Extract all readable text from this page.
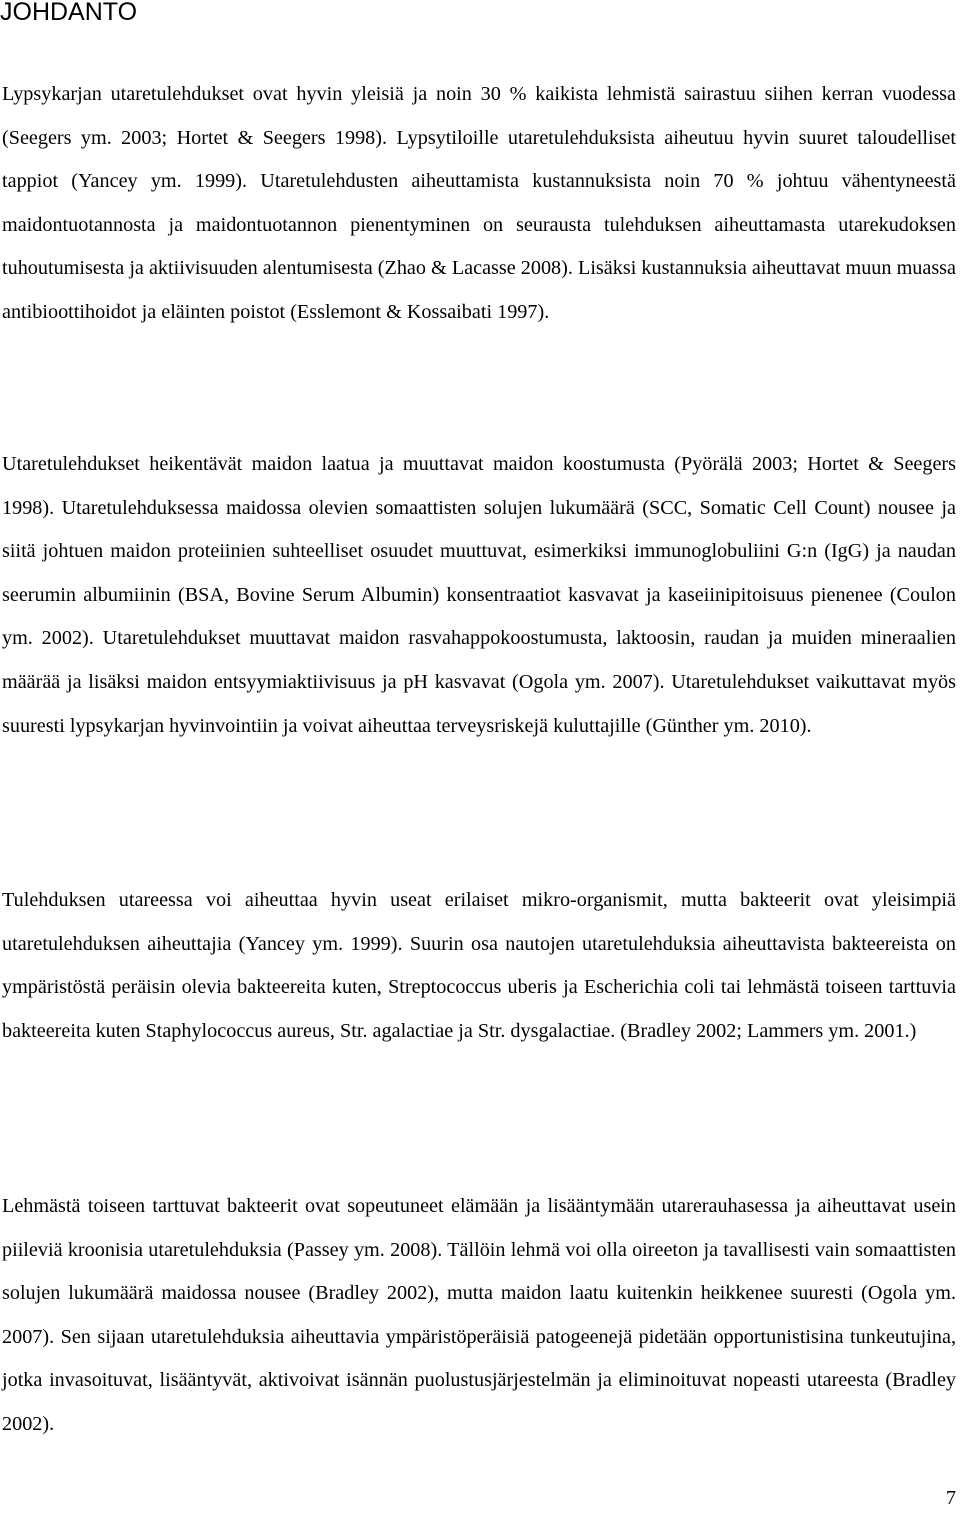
JOHDANTO

Lypsykarjan utaretulehdukset ovat hyvin yleisiä ja noin 30 % kaikista lehmistä sairastuu siihen kerran vuodessa (Seegers ym. 2003; Hortet & Seegers 1998). Lypsytiloille utaretulehduksista aiheutuu hyvin suuret taloudelliset tappiot (Yancey ym. 1999). Utaretulehdusten aiheuttamista kustannuksista noin 70 % johtuu vähentyneestä maidontuotannosta ja maidontuotannon pienentyminen on seurausta tulehduksen aiheuttamasta utarekudoksen tuhoutumisesta ja aktiivisuuden alentumisesta (Zhao & Lacasse 2008). Lisäksi kustannuksia aiheuttavat muun muassa antibioottihoidot ja eläinten poistot (Esslemont & Kossaibati 1997).

Utaretulehdukset heikentävät maidon laatua ja muuttavat maidon koostumusta (Pyörälä 2003; Hortet & Seegers 1998). Utaretulehduksessa maidossa olevien somaattisten solujen lukumäärä (SCC, Somatic Cell Count) nousee ja siitä johtuen maidon proteiinien suhteelliset osuudet muuttuvat, esimerkiksi immunoglobuliini G:n (IgG) ja naudan seerumin albumiinin (BSA, Bovine Serum Albumin) konsentraatiot kasvavat ja kaseiinipitoisuus pienenee (Coulon ym. 2002). Utaretulehdukset muuttavat maidon rasvahappokoostumusta, laktoosin, raudan ja muiden mineraalien määrää ja lisäksi maidon entsyymiaktiivisuus ja pH kasvavat (Ogola ym. 2007). Utaretulehdukset vaikuttavat myös suuresti lypsykarjan hyvinvointiin ja voivat aiheuttaa terveysriskejä kuluttajille (Günther ym. 2010).

Tulehduksen utareessa voi aiheuttaa hyvin useat erilaiset mikro-organismit, mutta bakteerit ovat yleisimpiä utaretulehduksen aiheuttajia (Yancey ym. 1999). Suurin osa nautojen utaretulehduksia aiheuttavista bakteereista on ympäristöstä peräisin olevia bakteereita kuten, Streptococcus uberis ja Escherichia coli tai lehmästä toiseen tarttuvia bakteereita kuten Staphylococcus aureus, Str. agalactiae ja Str. dysgalactiae. (Bradley 2002; Lammers ym. 2001.)

Lehmästä toiseen tarttuvat bakteerit ovat sopeutuneet elämään ja lisääntymään utarerauhasessa ja aiheuttavat usein piileviä kroonisia utaretulehduksia (Passey ym. 2008). Tällöin lehmä voi olla oireeton ja tavallisesti vain somaattisten solujen lukumäärä maidossa nousee (Bradley 2002), mutta maidon laatu kuitenkin heikkenee suuresti (Ogola ym. 2007). Sen sijaan utaretulehduksia aiheuttavia ympäristöperäisiä patogeenejä pidetään opportunistisina tunkeutujina, jotka invasoituvat, lisääntyvät, aktivoivat isännän puolustusjärjestelmän ja eliminoituvat nopeasti utareesta (Bradley 2002).

7
